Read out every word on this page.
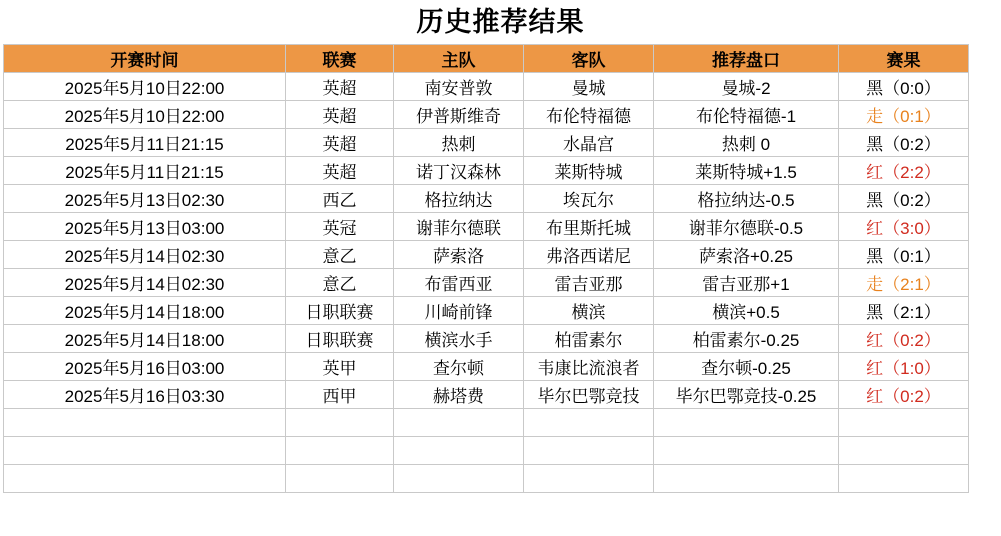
历史推荐结果
开赛时间	联赛	主队	客队	推荐盘口	赛果
2025年5月10日22:00	英超	南安普敦	曼城	曼城-2	黑（0:0）
2025年5月10日22:00	英超	伊普斯维奇	布伦特福德	布伦特福德-1	走（0:1）
2025年5月11日21:15	英超	热刺	水晶宫	热刺 0	黑（0:2）
2025年5月11日21:15	英超	诺丁汉森林	莱斯特城	莱斯特城+1.5	红（2:2）
2025年5月13日02:30	西乙	格拉纳达	埃瓦尔	格拉纳达-0.5	黑（0:2）
2025年5月13日03:00	英冠	谢菲尔德联	布里斯托城	谢菲尔德联-0.5	红（3:0）
2025年5月14日02:30	意乙	萨索洛	弗洛西诺尼	萨索洛+0.25	黑（0:1）
2025年5月14日02:30	意乙	布雷西亚	雷吉亚那	雷吉亚那+1	走（2:1）
2025年5月14日18:00	日职联赛	川崎前锋	横滨	横滨+0.5	黑（2:1）
2025年5月14日18:00	日职联赛	横滨水手	柏雷素尔	柏雷素尔-0.25	红（0:2）
2025年5月16日03:00	英甲	查尔顿	韦康比流浪者	查尔顿-0.25	红（1:0）
2025年5月16日03:30	西甲	赫塔费	毕尔巴鄂竞技	毕尔巴鄂竞技-0.25	红（0:2）
